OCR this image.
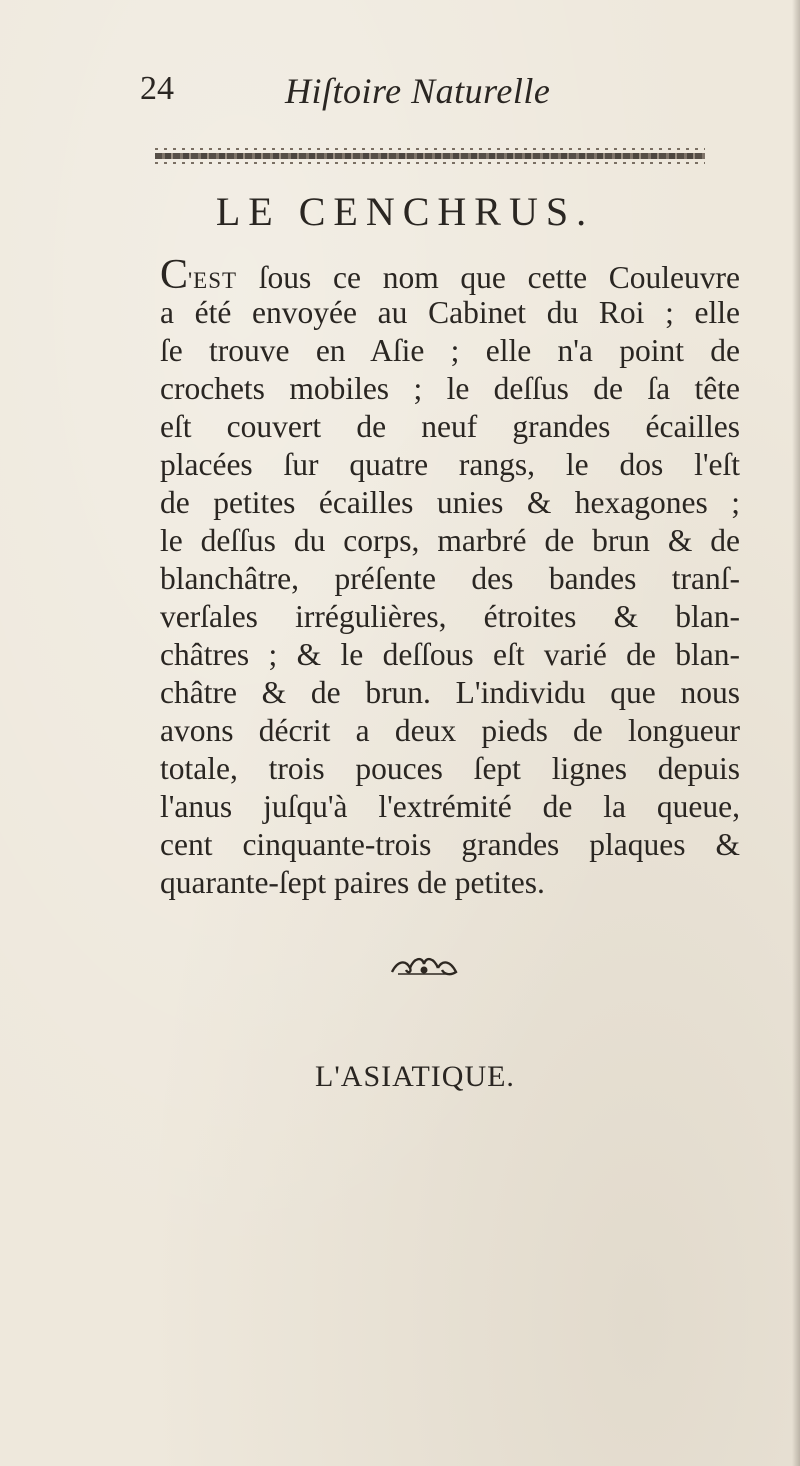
24	Hiſtoire Naturelle
LE CENCHRUS.
C'EST ſous ce nom que cette Couleuvre
a été envoyée au Cabinet du Roi ; elle
ſe trouve en Aſie ; elle n'a point de
crochets mobiles ; le deſſus de ſa tête
eſt couvert de neuf grandes écailles
placées ſur quatre rangs, le dos l'eſt
de petites écailles unies & hexagones ;
le deſſus du corps, marbré de brun & de
blanchâtre, préſente des bandes tranſ-
verſales irrégulières, étroites & blan-
châtres ; & le deſſous eſt varié de blan-
châtre & de brun. L'individu que nous
avons décrit a deux pieds de longueur
totale, trois pouces ſept lignes depuis
l'anus juſqu'à l'extrémité de la queue,
cent cinquante-trois grandes plaques &
quarante-ſept paires de petites.
L'ASIATIQUE.
